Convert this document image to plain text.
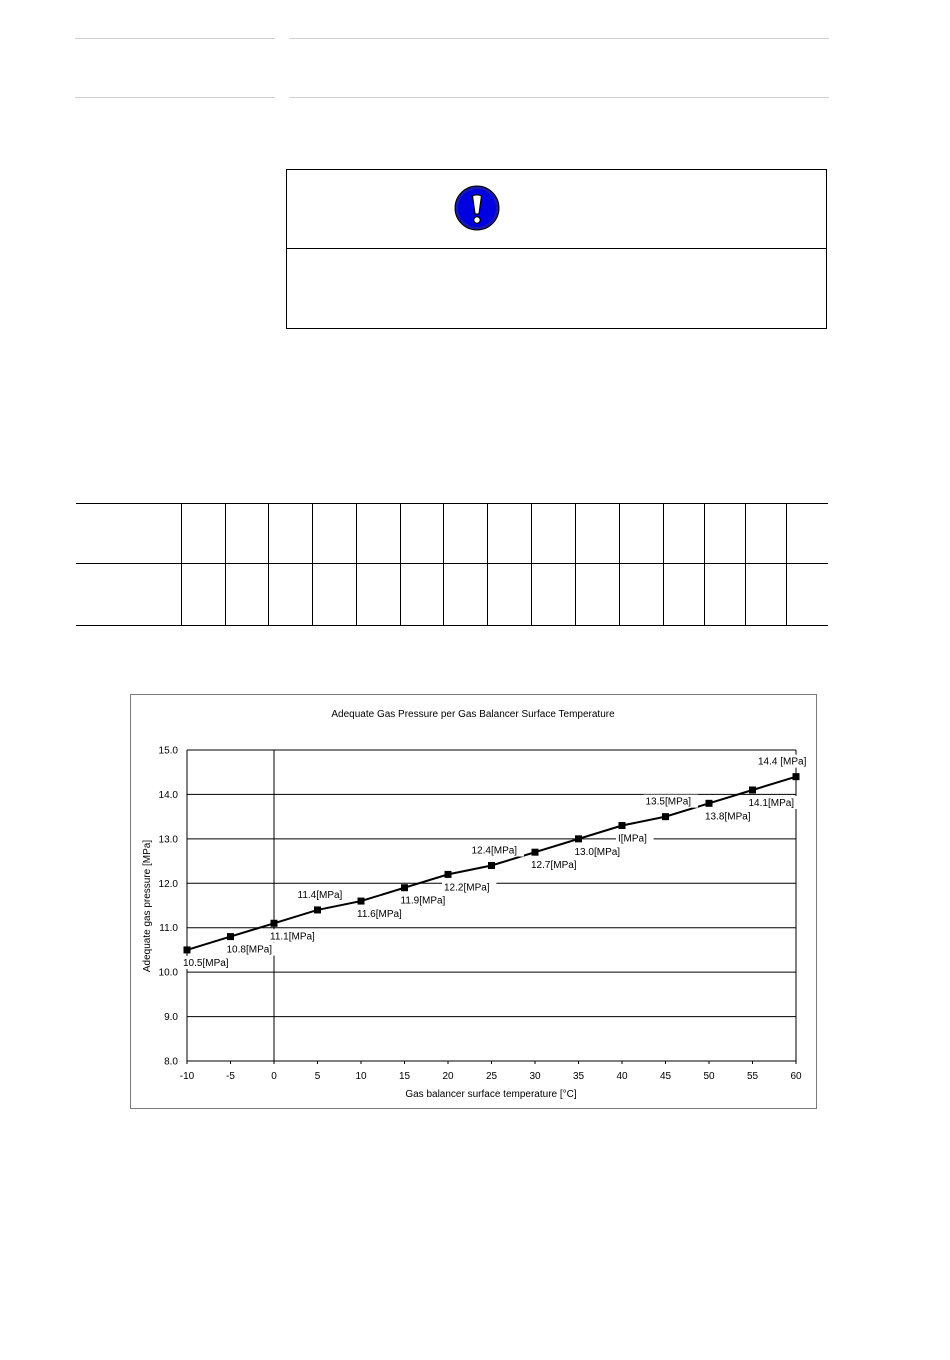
Adequate Gas Pressure per Gas Balancer Surface Temperature
Gas balancer surface temperature [°C]
Adequate gas pressure [MPa]
8.0
9.0
10.0
11.0
12.0
13.0
14.0
15.0
-10	-5	0	5	10	15	20	25	30	35	40	45	50	55	60
10.5[MPa]
10.8[MPa]
11.1[MPa]
11.4[MPa]
11.6[MPa]
11.9[MPa]
12.2[MPa]
12.4[MPa]
12.7[MPa]
13.0[MPa]
I[MPa]
13.5[MPa]
13.8[MPa]
14.1[MPa]
14.4 [MPa]
